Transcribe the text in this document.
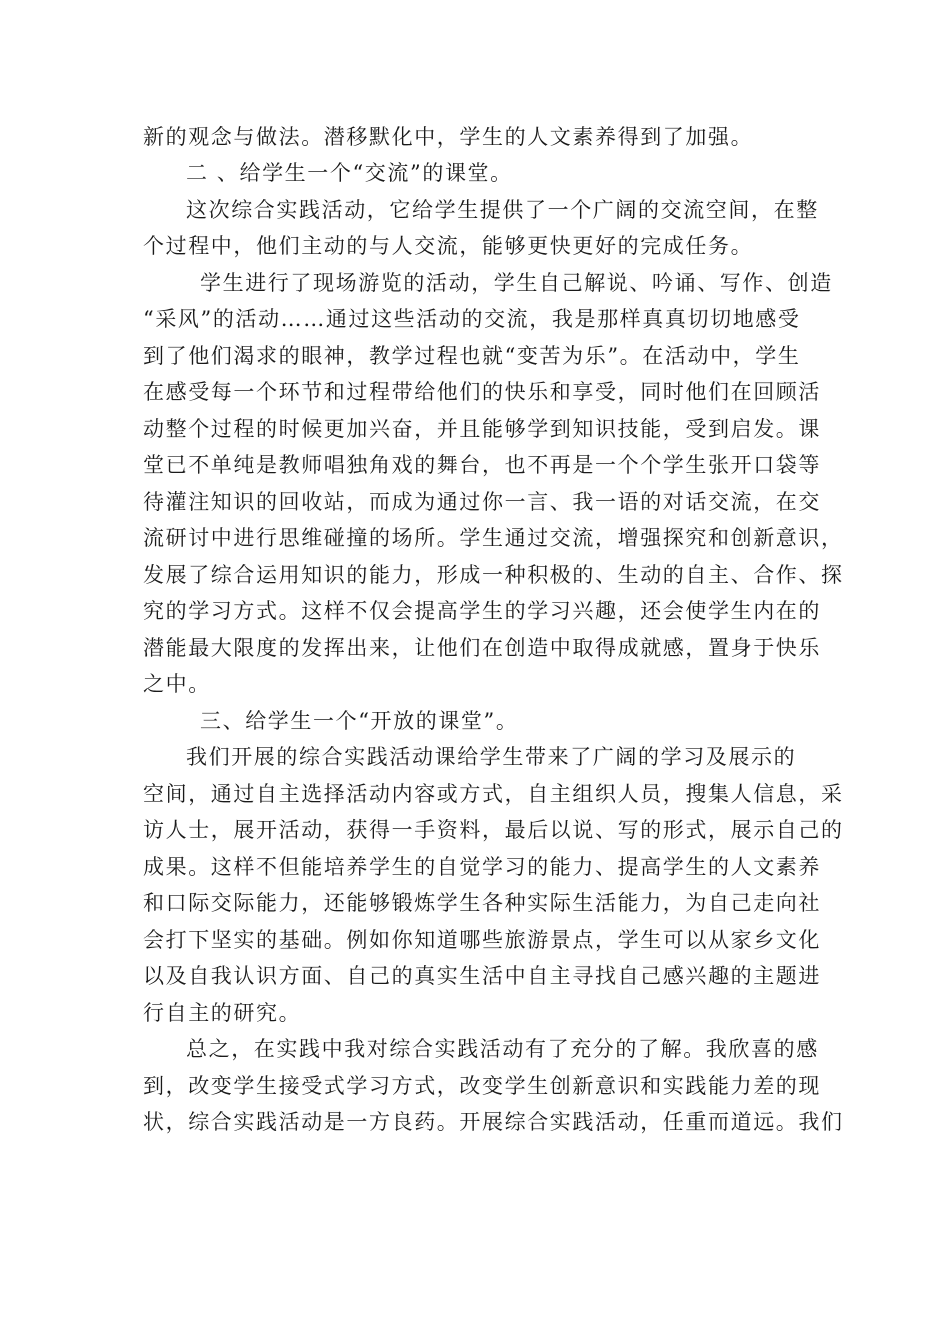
新的观念与做法。潜移默化中，学生的人文素养得到了加强。
二 、给学生一个“交流”的课堂。
这次综合实践活动，它给学生提供了一个广阔的交流空间，在整
个过程中，他们主动的与人交流，能够更快更好的完成任务。
学生进行了现场游览的活动，学生自己解说、吟诵、写作、创造
“采风”的活动……通过这些活动的交流，我是那样真真切切地感受
到了他们渴求的眼神，教学过程也就“变苦为乐”。在活动中，学生
在感受每一个环节和过程带给他们的快乐和享受，同时他们在回顾活
动整个过程的时候更加兴奋，并且能够学到知识技能，受到启发。课
堂已不单纯是教师唱独角戏的舞台，也不再是一个个学生张开口袋等
待灌注知识的回收站，而成为通过你一言、我一语的对话交流，在交
流研讨中进行思维碰撞的场所。学生通过交流，增强探究和创新意识，
发展了综合运用知识的能力，形成一种积极的、生动的自主、合作、探
究的学习方式。这样不仅会提高学生的学习兴趣，还会使学生内在的
潜能最大限度的发挥出来，让他们在创造中取得成就感，置身于快乐
之中。
三、给学生一个“开放的课堂”。
我们开展的综合实践活动课给学生带来了广阔的学习及展示的
空间，通过自主选择活动内容或方式，自主组织人员，搜集人信息，采
访人士，展开活动，获得一手资料，最后以说、写的形式，展示自己的
成果。这样不但能培养学生的自觉学习的能力、提高学生的人文素养
和口际交际能力，还能够锻炼学生各种实际生活能力，为自己走向社
会打下坚实的基础。例如你知道哪些旅游景点，学生可以从家乡文化
以及自我认识方面、自己的真实生活中自主寻找自己感兴趣的主题进
行自主的研究。
总之，在实践中我对综合实践活动有了充分的了解。我欣喜的感
到，改变学生接受式学习方式，改变学生创新意识和实践能力差的现
状，综合实践活动是一方良药。开展综合实践活动，任重而道远。我们
